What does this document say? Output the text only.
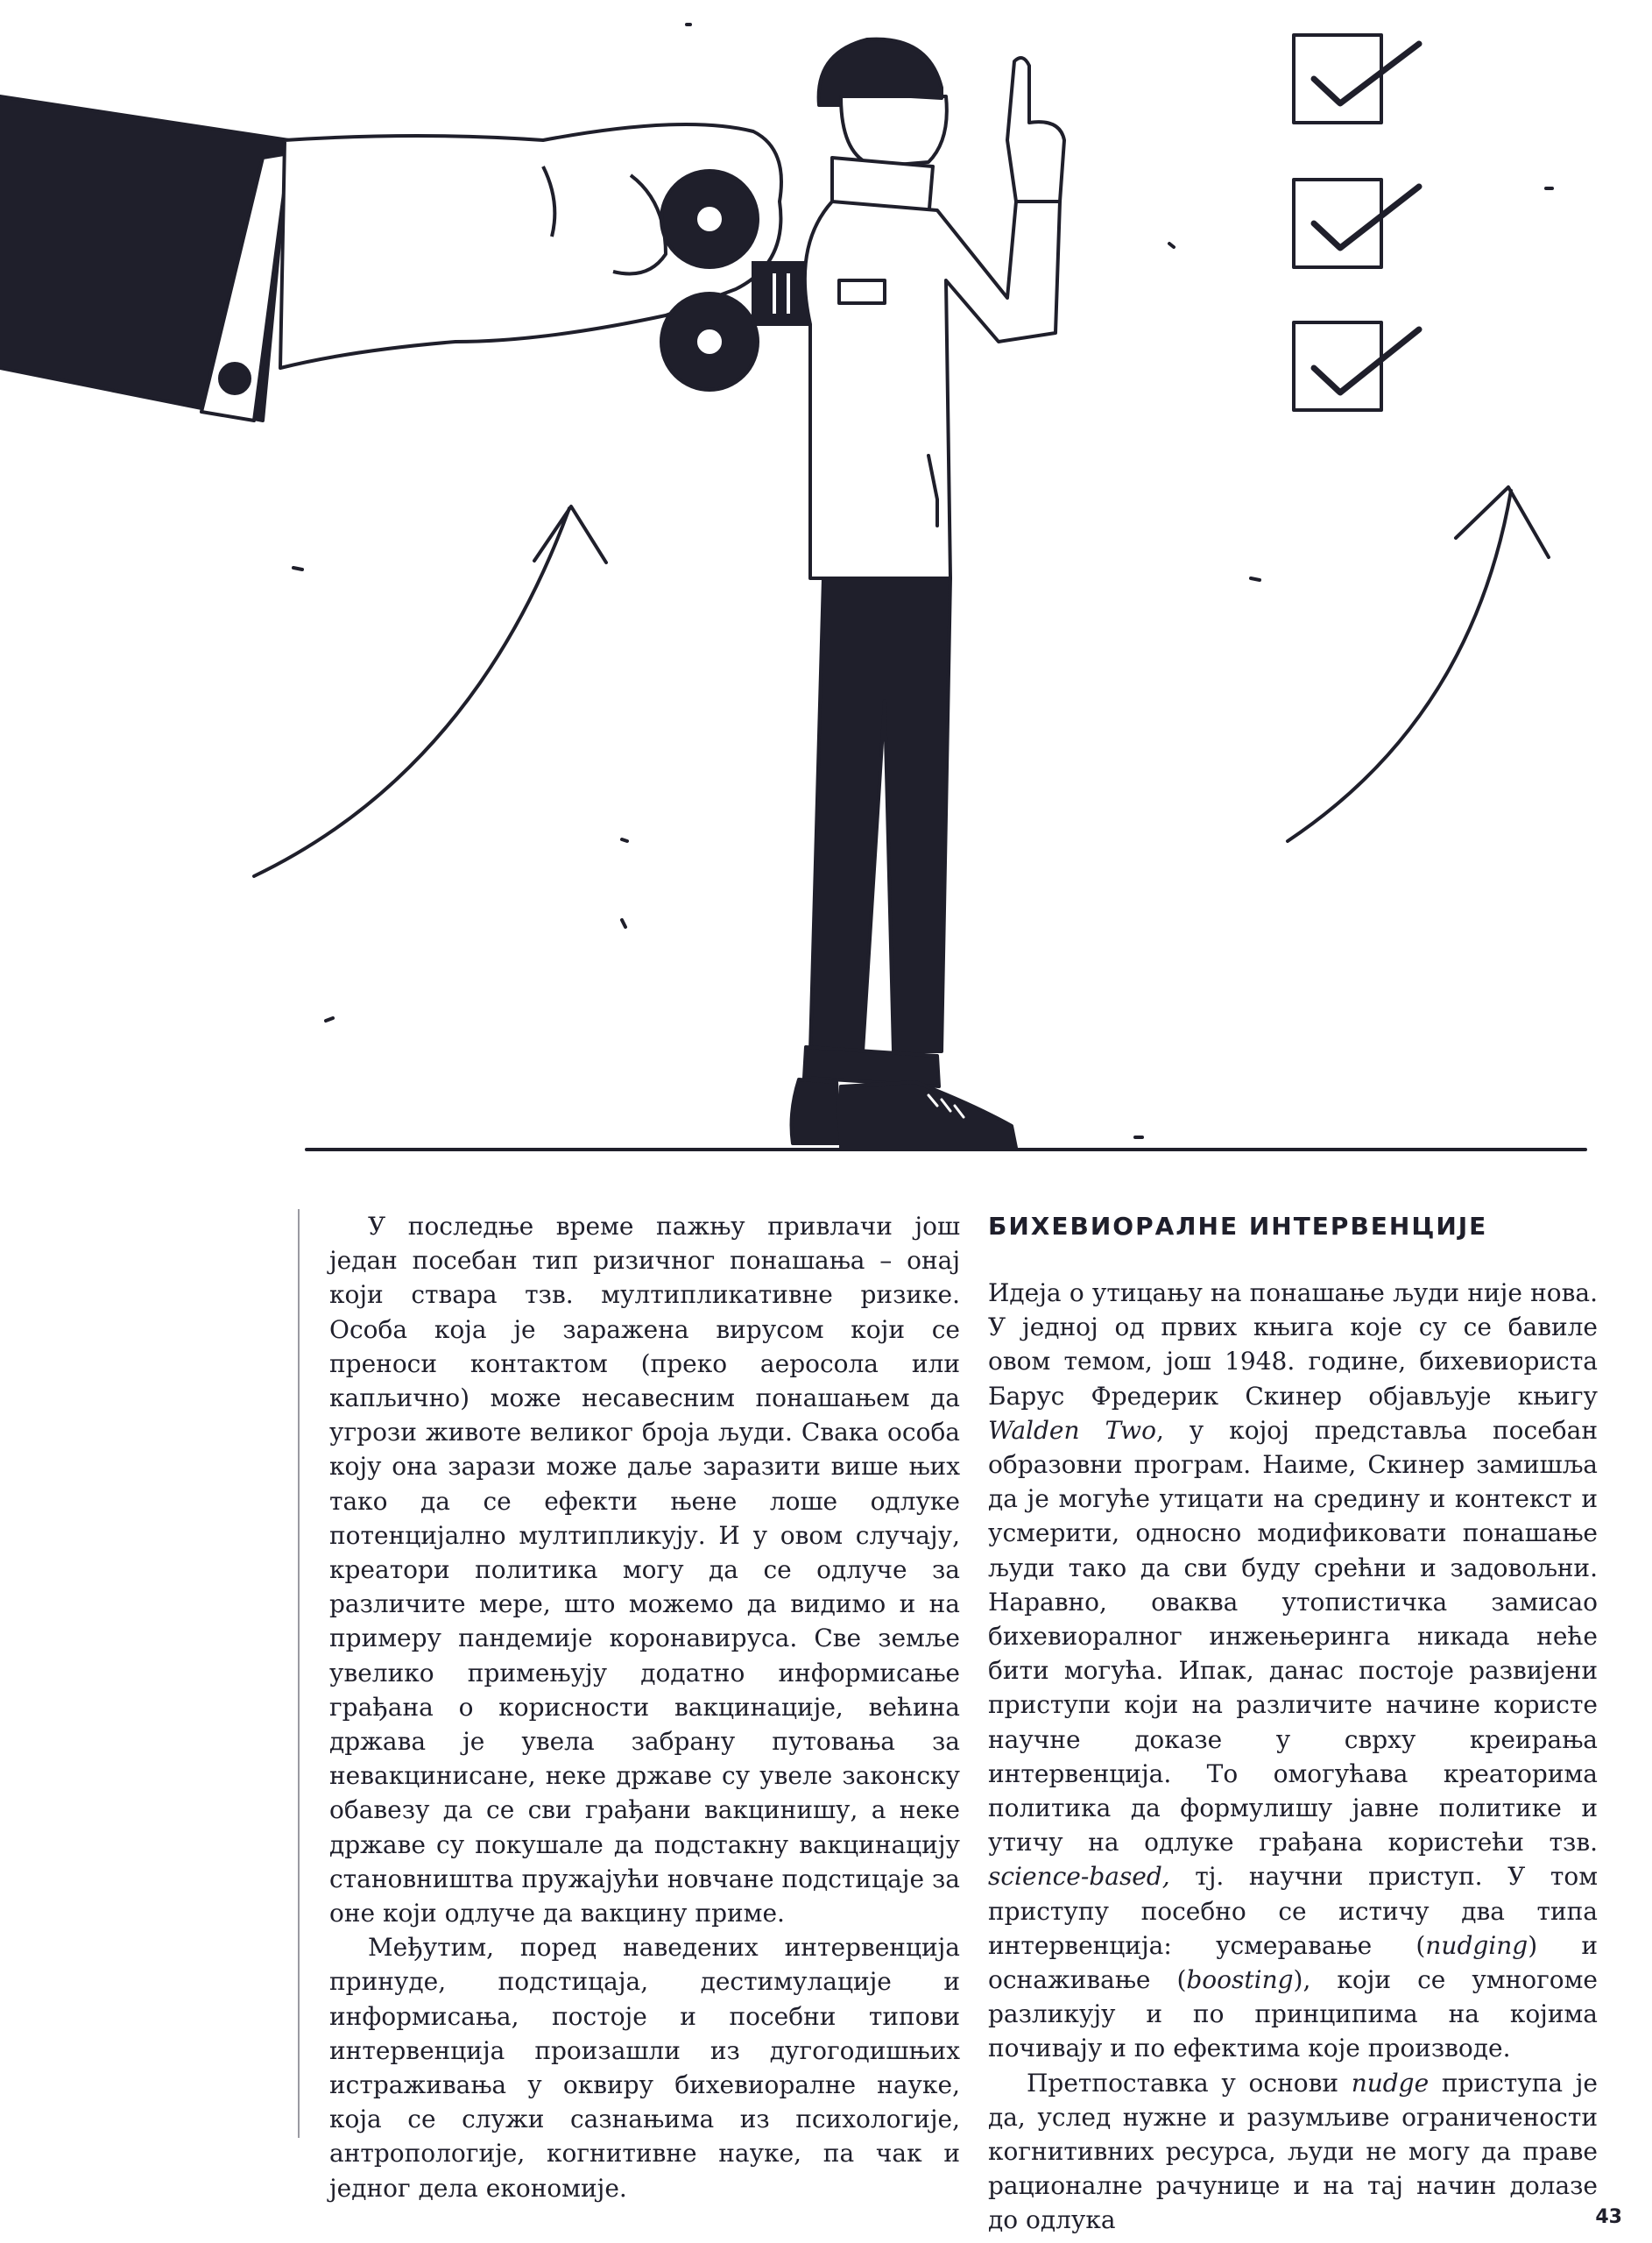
У последње време пажњу привлачи још један посебан тип ризичног понашања – онај који ствара тзв. мултипликативне ризике. Особа која је заражена вирусом који се преноси контактом (преко аеросола или капљично) може несавесним понашањем да угрози животе великог броја људи. Свака особа коју она зарази може даље заразити више њих тако да се ефекти њене лоше одлуке потенцијално мултипликују. И у овом случају, креатори политика могу да се одлуче за различите мере, што можемо да видимо и на примеру пандемије коронавируса. Све земље увелико примењују додатно информисање грађана о корисности вакцинације, већина држава је увела забрану путовања за невакцинисане, неке државе су увеле законску обавезу да се сви грађани вакцинишу, а неке државе су покушале да подстакну вакцинацију становништва пружајући новчане подстицаје за оне који одлуче да вакцину приме.

Међутим, поред наведених интервенција принуде, подстицаја, дестимулације и информисања, постоје и посебни типови интервенција произашли из дугогодишњих истраживања у оквиру бихевиоралне науке, која се служи сазнањима из психологије, антропологије, когнитивне науке, па чак и једног дела економије.

БИХЕВИОРАЛНЕ ИНТЕРВЕНЦИЈЕ

Идеја о утицању на понашање људи није нова. У једној од првих књига које су се бавиле овом темом, још 1948. године, бихевиориста Барус Фредерик Скинер објављује књигу Walden Two, у којој представља посебан образовни програм. Наиме, Скинер замишља да је могуће утицати на средину и контекст и усмерити, односно модификовати понашање људи тако да сви буду срећни и задовољни. Наравно, оваква утопистичка замисао бихевиоралног инжењеринга никада неће бити могућа. Ипак, данас постоје развијени приступи који на различите начине користе научне доказе у сврху креирања интервенција. То омогућава креаторима политика да формулишу јавне политике и утичу на одлуке грађана користећи тзв. science-based, тј. научни приступ. У том приступу посебно се истичу два типа интервенција: усмеравање (nudging) и оснаживање (boosting), који се умногоме разликују и по принципима на којима почивају и по ефектима које производе.

Претпоставка у основи nudge приступа је да, услед нужне и разумљиве ограничености когнитивних ресурса, људи не могу да праве рационалне рачунице и на тај начин долазе до одлука	43
